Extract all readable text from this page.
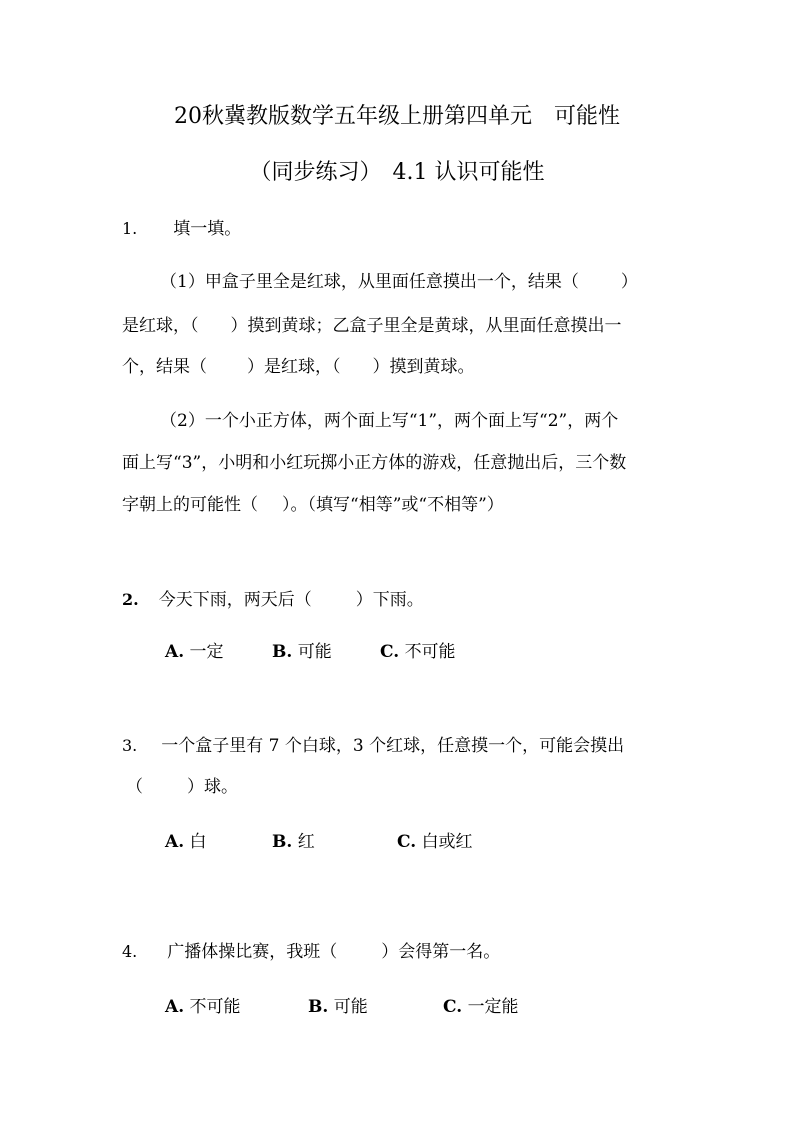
20秋冀教版数学五年级上册第四单元　可能性
（同步练习）　4.1 认识可能性
1. 填一填。
（1）甲盒子里全是红球，从里面任意摸出一个，结果（ ）
是红球，（ ）摸到黄球；乙盒子里全是黄球，从里面任意摸出一
个，结果（ ）是红球，（ ）摸到黄球。
（2）一个小正方体，两个面上写“1”，两个面上写“2”，两个
面上写“3”，小明和小红玩掷小正方体的游戏，任意抛出后，三个数
字朝上的可能性（ ）。（填写“相等”或“不相等”）
2. 今天下雨，两天后（	）下雨。
A. 一定	B. 可能	C. 不可能
3. 一个盒子里有 7 个白球，3 个红球，任意摸一个，可能会摸出
（	）球。
A. 白	B. 红	C. 白或红
4. 广播体操比赛，我班（	）会得第一名。
A. 不可能	B. 可能	C. 一定能
